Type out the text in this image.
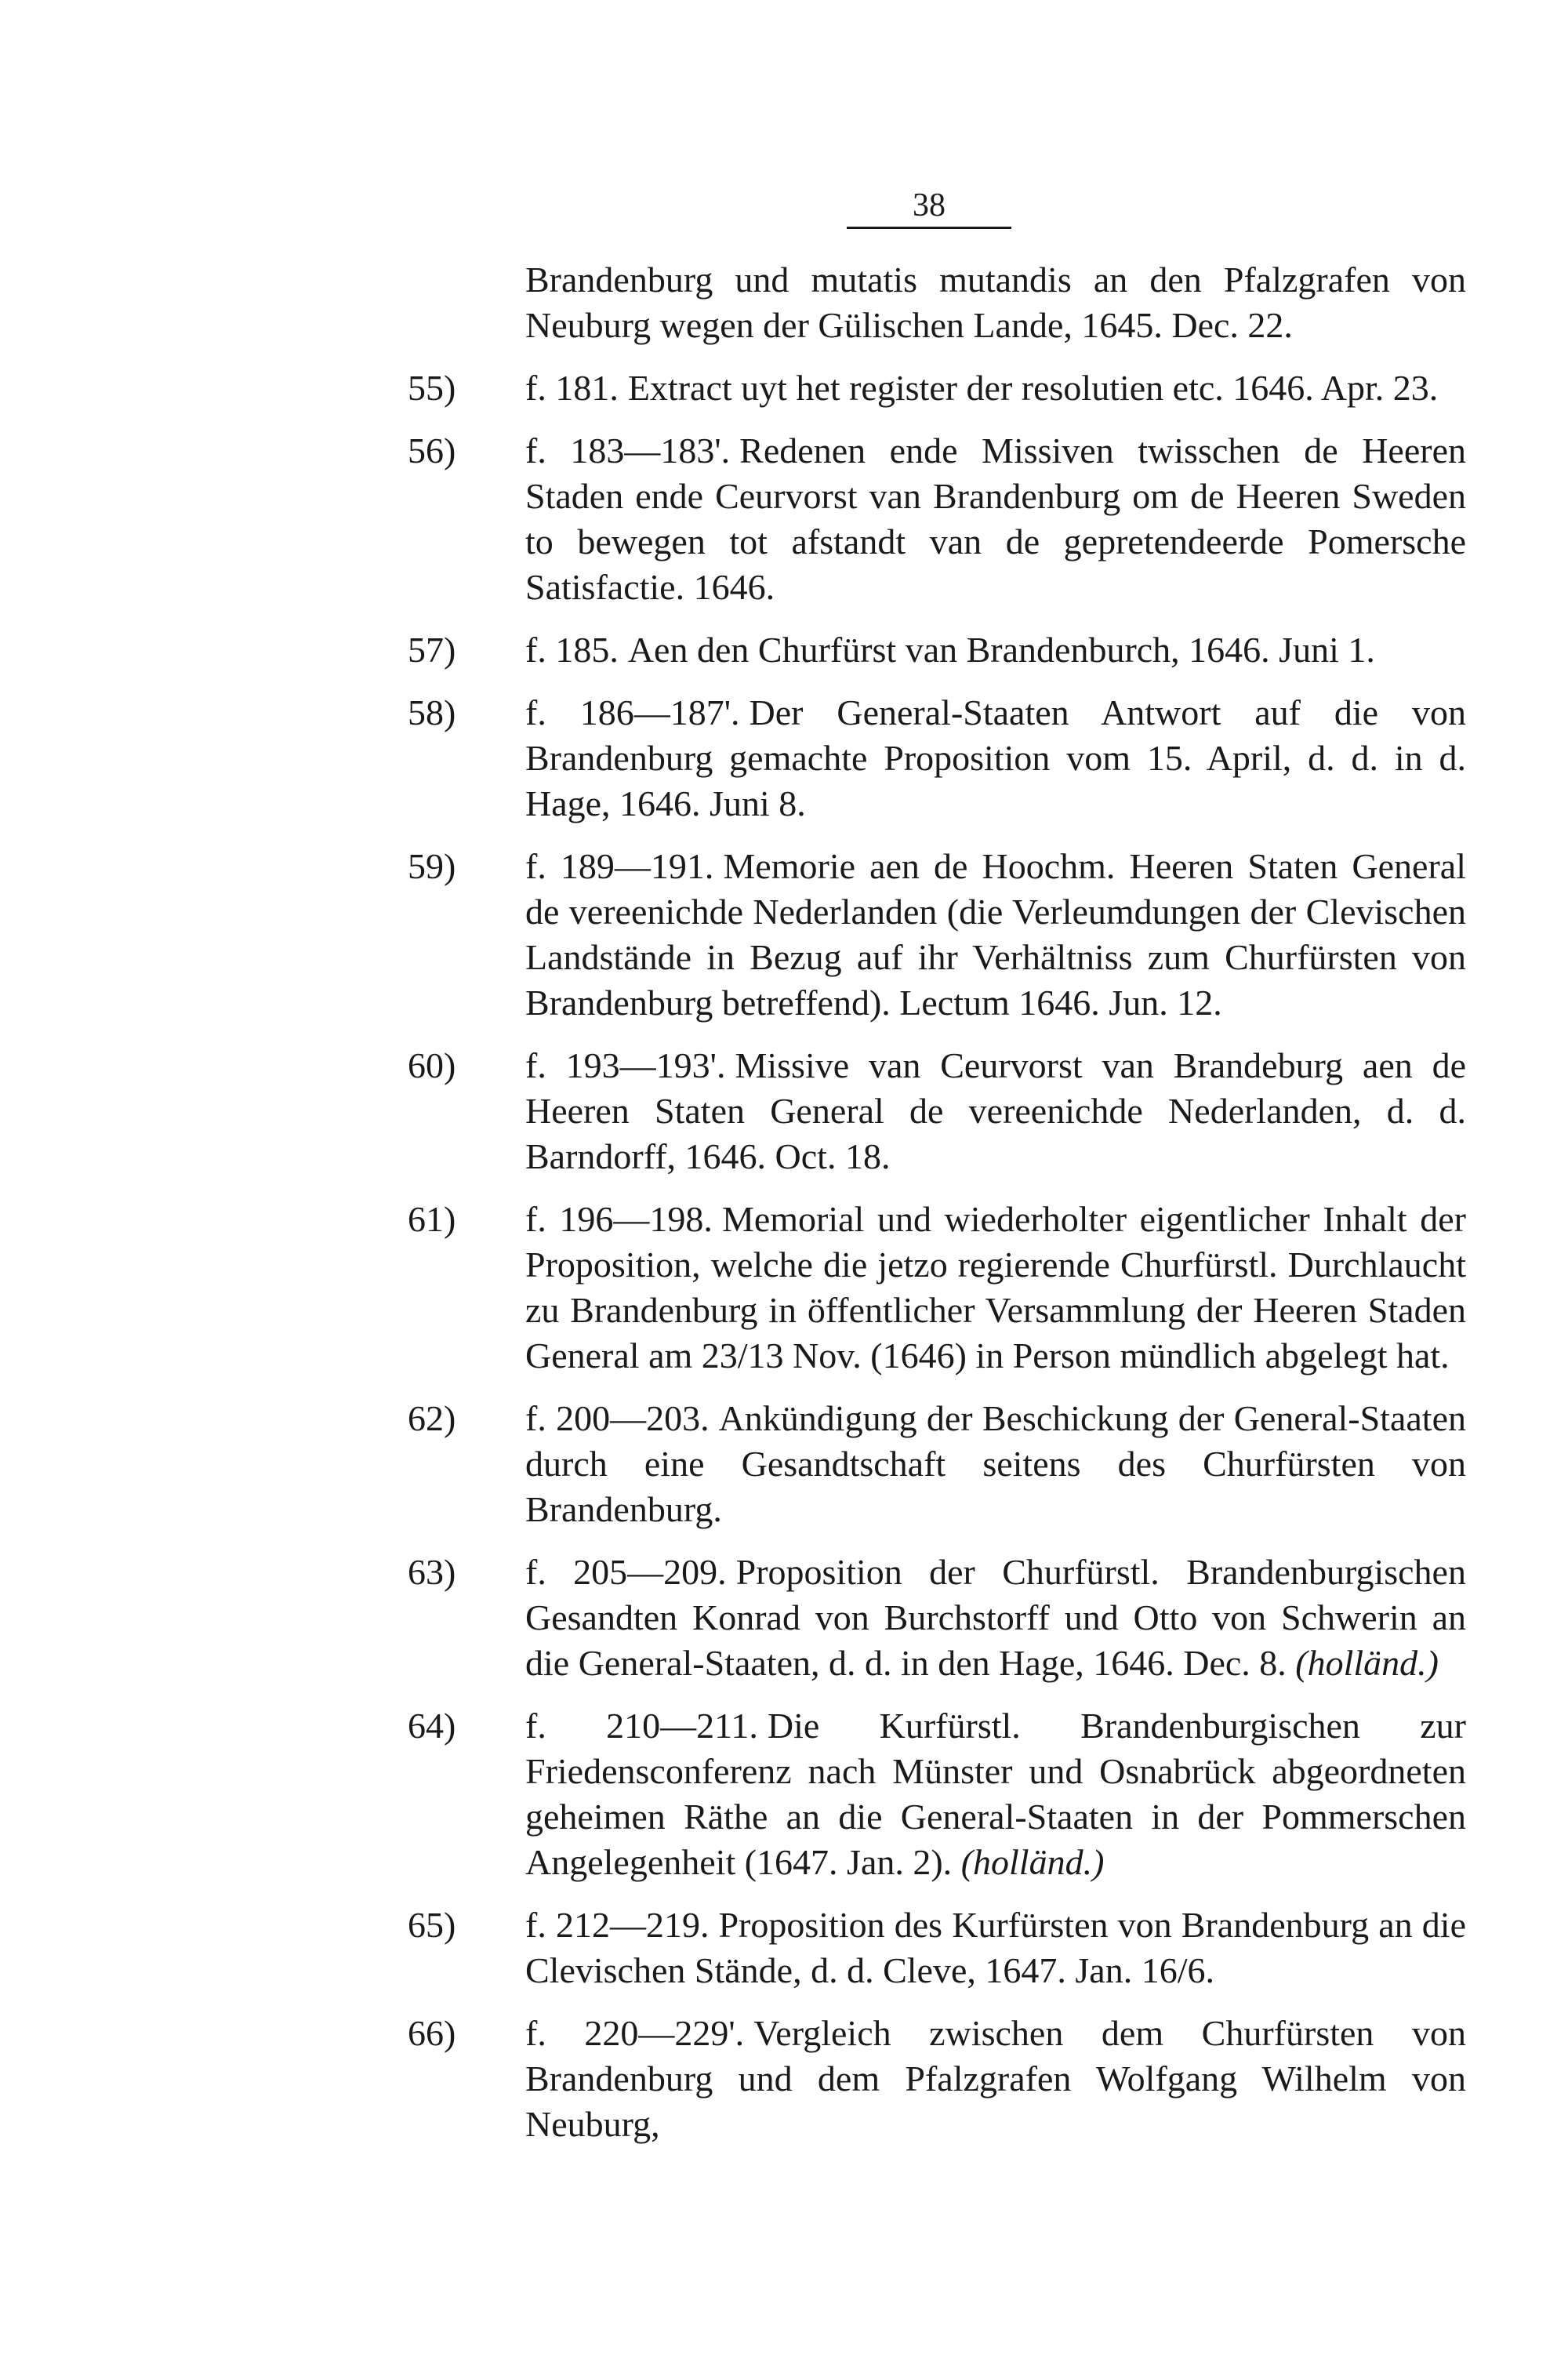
38
Brandenburg und mutatis mutandis an den Pfalzgrafen von Neuburg wegen der Gülischen Lande, 1645. Dec. 22.
55) f. 181. Extract uyt het register der resolutien etc. 1646. Apr. 23.
56) f. 183—183'. Redenen ende Missiven twisschen de Heeren Staden ende Ceurvorst van Brandenburg om de Heeren Sweden to bewegen tot afstandt van de gepretendeerde Pomersche Satisfactie. 1646.
57) f. 185. Aen den Churfürst van Brandenburch, 1646. Juni 1.
58) f. 186—187'. Der General-Staaten Antwort auf die von Brandenburg gemachte Proposition vom 15. April, d. d. in d. Hage, 1646. Juni 8.
59) f. 189—191. Memorie aen de Hoochm. Heeren Staten General de vereenichde Nederlanden (die Verleumdungen der Clevischen Landstände in Bezug auf ihr Verhältniss zum Churfürsten von Brandenburg betreffend). Lectum 1646. Jun. 12.
60) f. 193—193'. Missive van Ceurvorst van Brandeburg aen de Heeren Staten General de vereenichde Nederlanden, d. d. Barndorff, 1646. Oct. 18.
61) f. 196—198. Memorial und wiederholter eigentlicher Inhalt der Proposition, welche die jetzo regierende Churfürstl. Durchlaucht zu Brandenburg in öffentlicher Versammlung der Heeren Staden General am 23/13 Nov. (1646) in Person mündlich abgelegt hat.
62) f. 200—203. Ankündigung der Beschickung der General-Staaten durch eine Gesandtschaft seitens des Churfürsten von Brandenburg.
63) f. 205—209. Proposition der Churfürstl. Brandenburgischen Gesandten Konrad von Burchstorff und Otto von Schwerin an die General-Staaten, d. d. in den Hage, 1646. Dec. 8. (holländ.)
64) f. 210—211. Die Kurfürstl. Brandenburgischen zur Friedensconferenz nach Münster und Osnabrück abgeordneten geheimen Räthe an die General-Staaten in der Pommerschen Angelegenheit (1647. Jan. 2). (holländ.)
65) f. 212—219. Proposition des Kurfürsten von Brandenburg an die Clevischen Stände, d. d. Cleve, 1647. Jan. 16/6.
66) f. 220—229'. Vergleich zwischen dem Churfürsten von Brandenburg und dem Pfalzgrafen Wolfgang Wilhelm von Neuburg,
